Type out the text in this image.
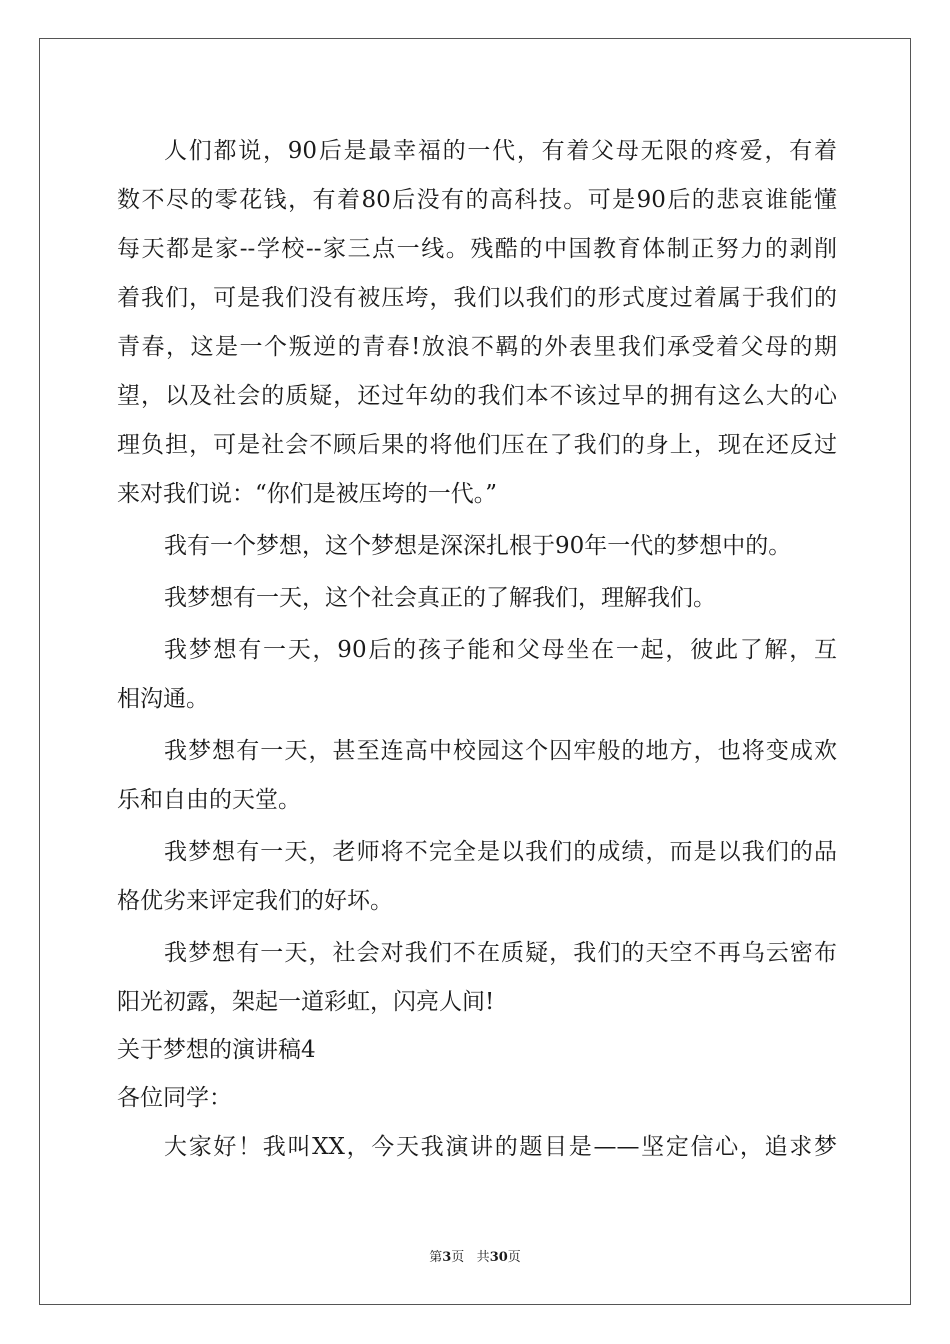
人们都说，90后是最幸福的一代，有着父母无限的疼爱，有着
数不尽的零花钱，有着80后没有的高科技。可是90后的悲哀谁能懂
每天都是家--学校--家三点一线。残酷的中国教育体制正努力的剥削
着我们，可是我们没有被压垮，我们以我们的形式度过着属于我们的
青春，这是一个叛逆的青春!放浪不羁的外表里我们承受着父母的期
望，以及社会的质疑，还过年幼的我们本不该过早的拥有这么大的心
理负担，可是社会不顾后果的将他们压在了我们的身上，现在还反过
来对我们说：“你们是被压垮的一代。”
我有一个梦想，这个梦想是深深扎根于90年一代的梦想中的。
我梦想有一天，这个社会真正的了解我们，理解我们。
我梦想有一天，90后的孩子能和父母坐在一起，彼此了解，互
相沟通。
我梦想有一天，甚至连高中校园这个囚牢般的地方，也将变成欢
乐和自由的天堂。
我梦想有一天，老师将不完全是以我们的成绩，而是以我们的品
格优劣来评定我们的好坏。
我梦想有一天，社会对我们不在质疑，我们的天空不再乌云密布
阳光初露，架起一道彩虹，闪亮人间!
关于梦想的演讲稿4
各位同学：
大家好！我叫XX，今天我演讲的题目是——坚定信心，追求梦
第3页 共30页
